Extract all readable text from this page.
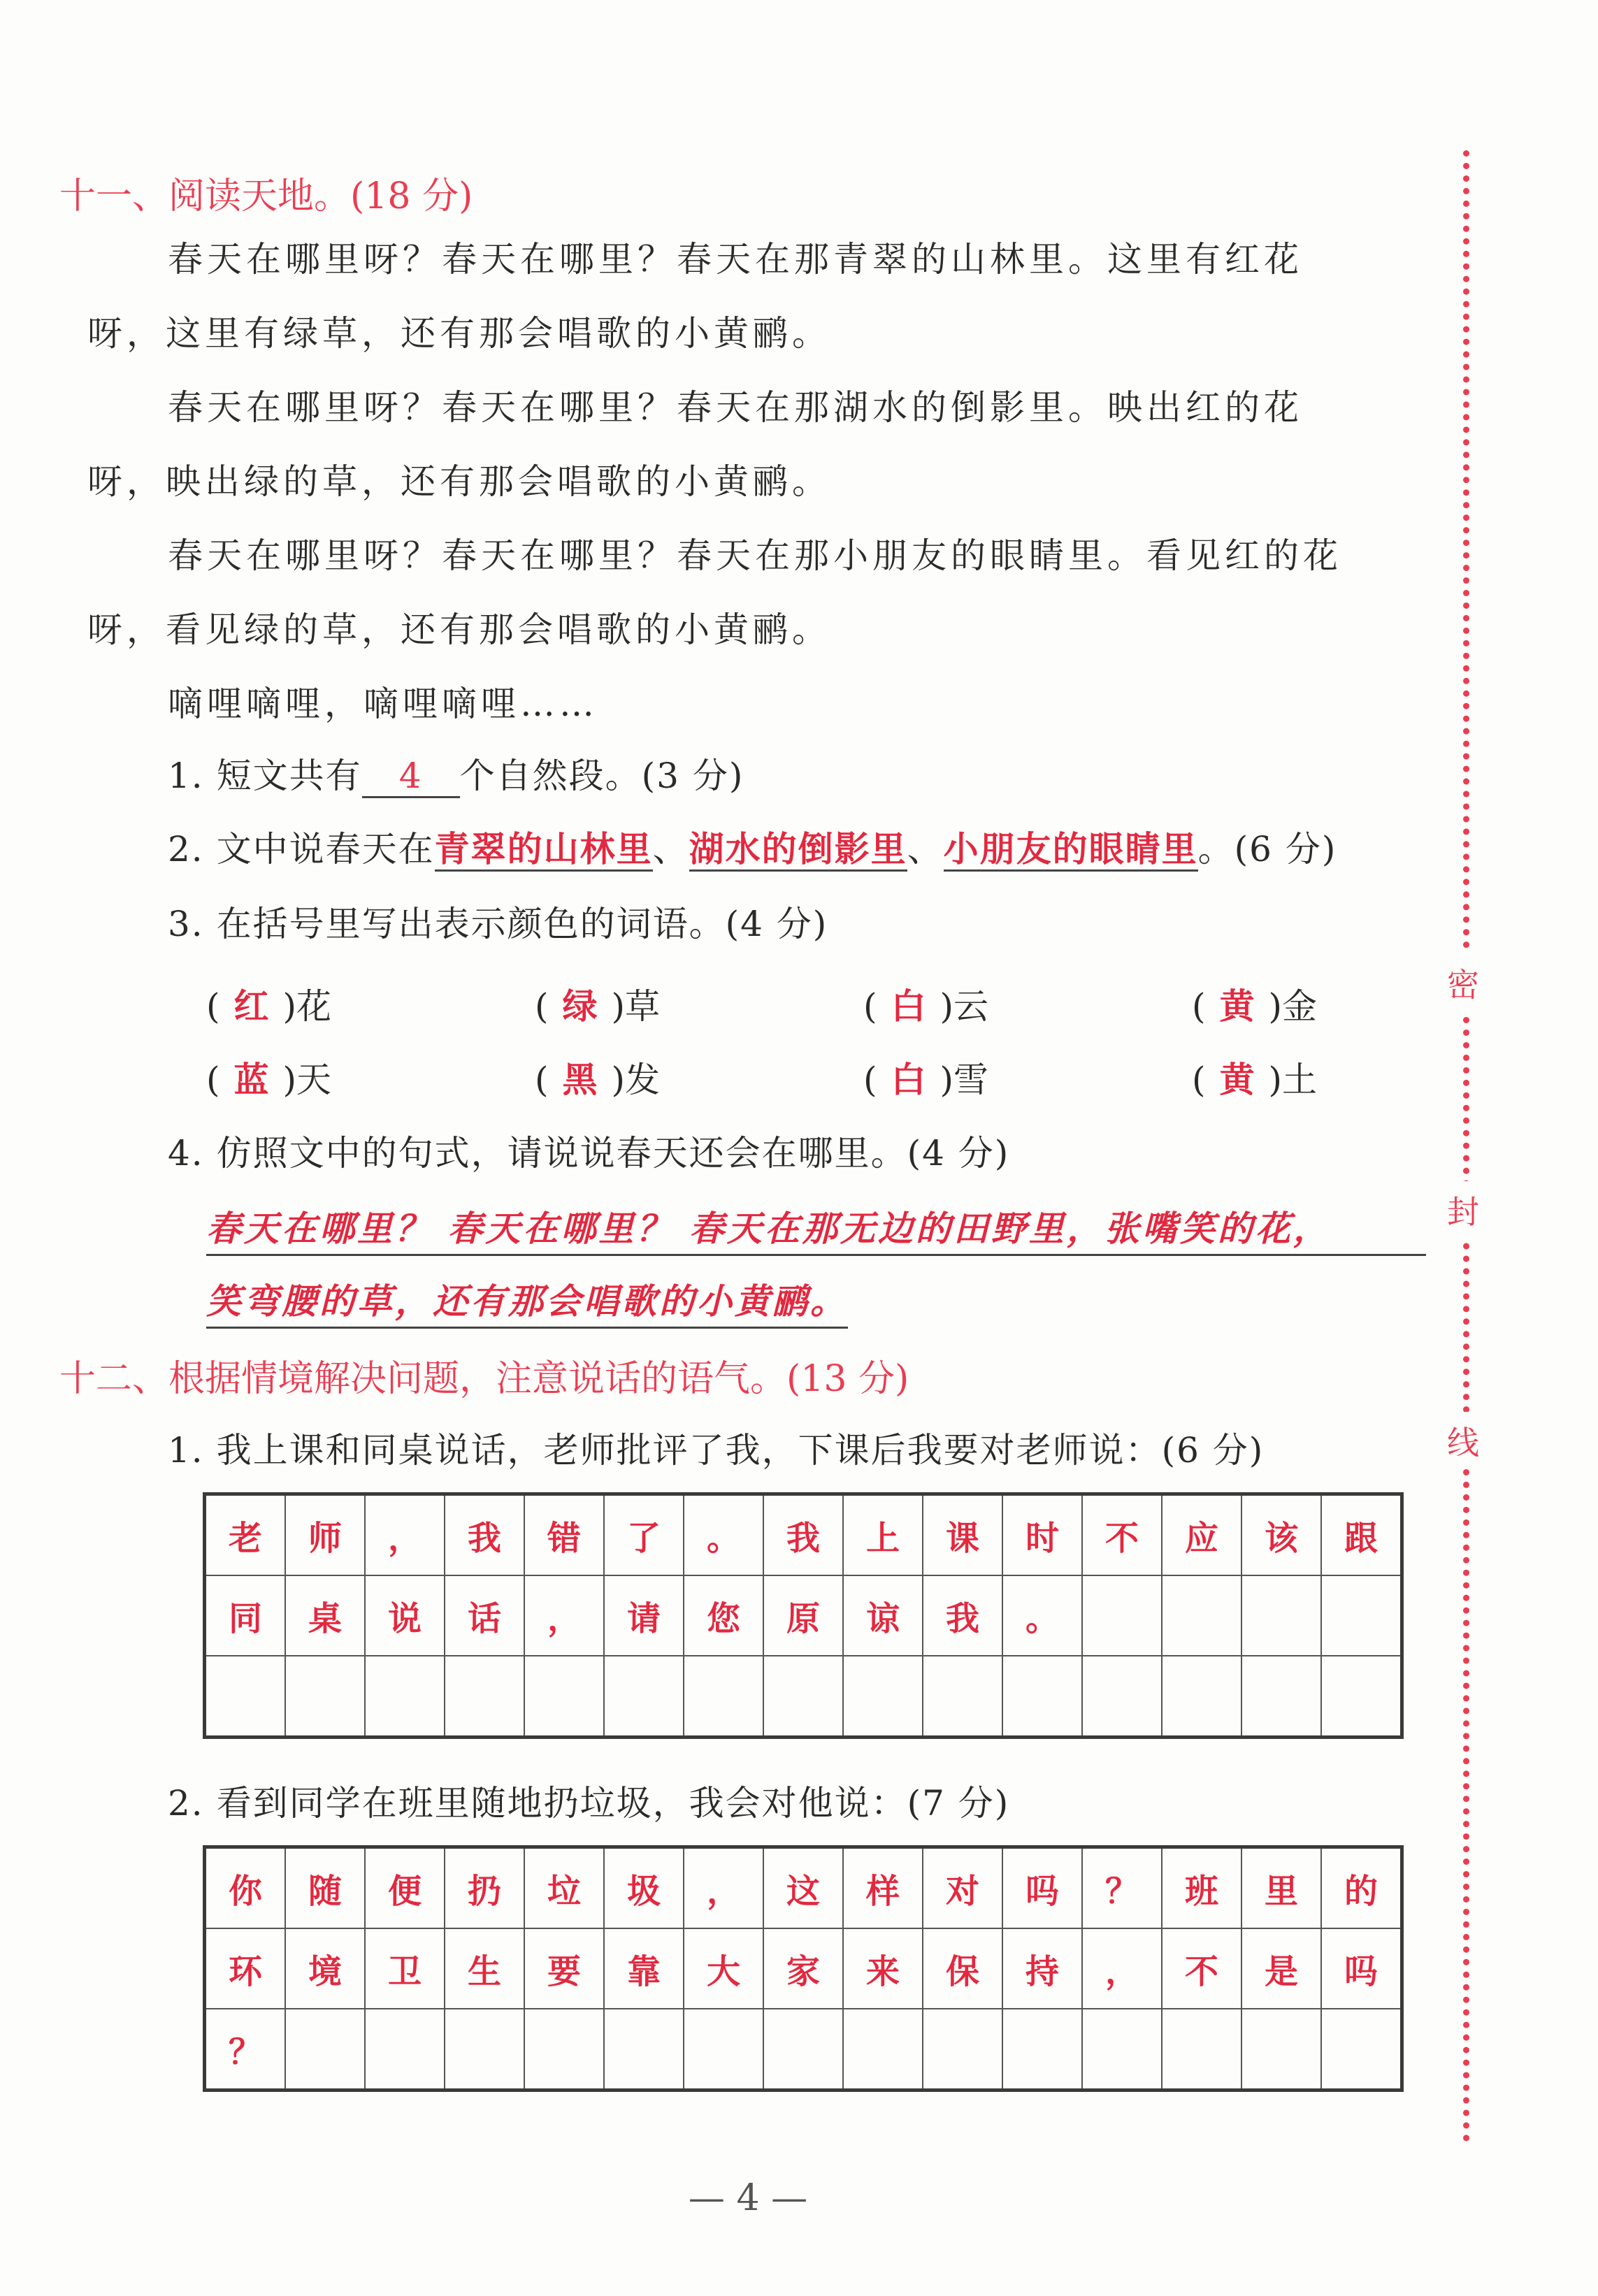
密
封
线
十一、阅读天地。(18 分)
春天在哪里呀？春天在哪里？春天在那青翠的山林里。这里有红花呀，这里有绿草，还有那会唱歌的小黄鹂。
春天在哪里呀？春天在哪里？春天在那湖水的倒影里。映出红的花呀，映出绿的草，还有那会唱歌的小黄鹂。
春天在哪里呀？春天在哪里？春天在那小朋友的眼睛里。看见红的花呀，看见绿的草，还有那会唱歌的小黄鹂。
嘀哩嘀哩，嘀哩嘀哩……
1. 短文共有 4 个自然段。(3 分)
2. 文中说春天在青翠的山林里、湖水的倒影里、小朋友的眼睛里。(6 分)
3. 在括号里写出表示颜色的词语。(4 分)
( 红 )花	( 绿 )草	( 白 )云	( 黄 )金
( 蓝 )天	( 黑 )发	( 白 )雪	( 黄 )土
4. 仿照文中的句式，请说说春天还会在哪里。(4 分)
春天在哪里？ 春天在哪里？ 春天在那无边的田野里，张嘴笑的花，
笑弯腰的草，还有那会唱歌的小黄鹂。
十二、根据情境解决问题，注意说话的语气。(13 分)
1. 我上课和同桌说话，老师批评了我，下课后我要对老师说：(6 分)
老	师	，	我	错	了	。	我	上	课	时	不	应	该	跟
同	桌	说	话	，	请	您	原	谅	我	。				

2. 看到同学在班里随地扔垃圾，我会对他说：(7 分)
你	随	便	扔	垃	圾	，	这	样	对	吗	？	班	里	的
环	境	卫	生	要	靠	大	家	来	保	持	，	不	是	吗
？														
— 4 —
